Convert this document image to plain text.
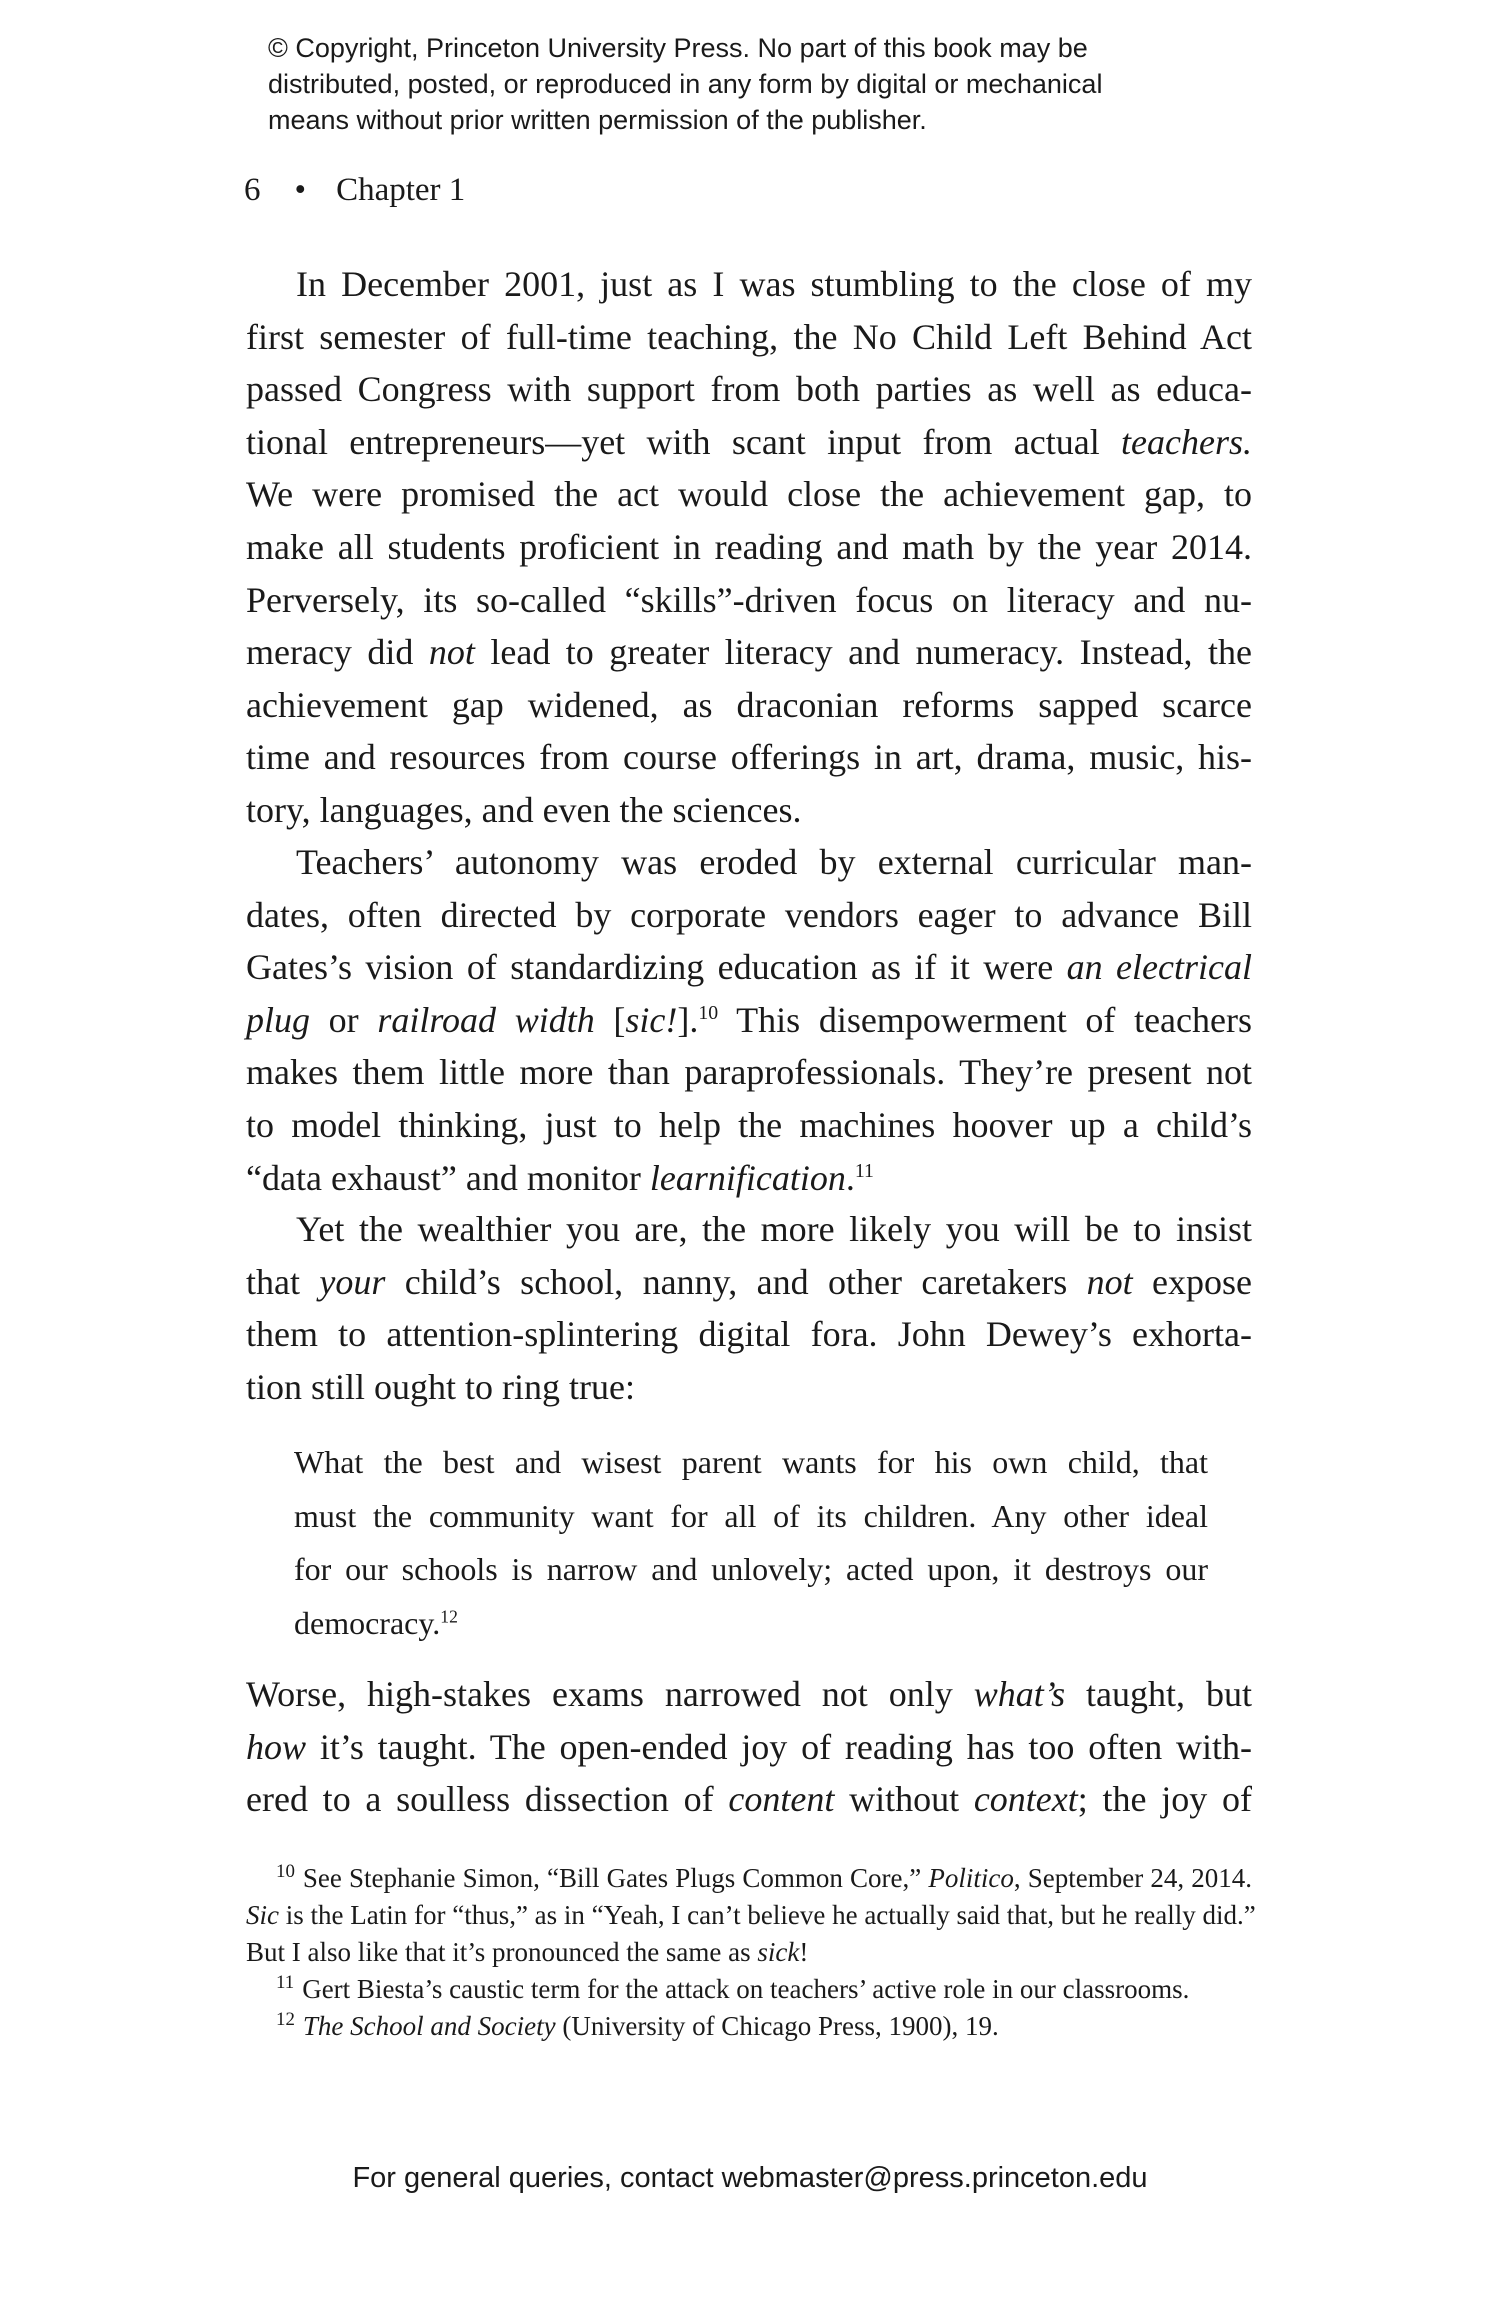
© Copyright, Princeton University Press. No part of this book may be
distributed, posted, or reproduced in any form by digital or mechanical
means without prior written permission of the publisher.
6 • Chapter 1
In December 2001, just as I was stumbling to the close of my
first semester of full-time teaching, the No Child Left Behind Act
passed Congress with support from both parties as well as educa-
tional entrepreneurs—yet with scant input from actual teachers.
We were promised the act would close the achievement gap, to
make all students proficient in reading and math by the year 2014.
Perversely, its so-called “skills”-driven focus on literacy and nu-
meracy did not lead to greater literacy and numeracy. Instead, the
achievement gap widened, as draconian reforms sapped scarce
time and resources from course offerings in art, drama, music, his-
tory, languages, and even the sciences.
Teachers’ autonomy was eroded by external curricular man-
dates, often directed by corporate vendors eager to advance Bill
Gates’s vision of standardizing education as if it were an electrical
plug or railroad width [sic!].$^{10}$ This disempowerment of teachers
makes them little more than paraprofessionals. They’re present not
to model thinking, just to help the machines hoover up a child’s
“data exhaust” and monitor learnification.$^{11}$
Yet the wealthier you are, the more likely you will be to insist
that your child’s school, nanny, and other caretakers not expose
them to attention-splintering digital fora. John Dewey’s exhorta-
tion still ought to ring true:
What the best and wisest parent wants for his own child, that
must the community want for all of its children. Any other ideal
for our schools is narrow and unlovely; acted upon, it destroys our
democracy.$^{12}$
Worse, high-stakes exams narrowed not only what’s taught, but
how it’s taught. The open-ended joy of reading has too often with-
ered to a soulless dissection of content without context; the joy of
$^{10}$ See Stephanie Simon, “Bill Gates Plugs Common Core,” Politico, September 24, 2014.
Sic is the Latin for “thus,” as in “Yeah, I can’t believe he actually said that, but he really did.”
But I also like that it’s pronounced the same as sick!
$^{11}$ Gert Biesta’s caustic term for the attack on teachers’ active role in our classrooms.
$^{12}$ The School and Society (University of Chicago Press, 1900), 19.
For general queries, contact webmaster@press.princeton.edu
